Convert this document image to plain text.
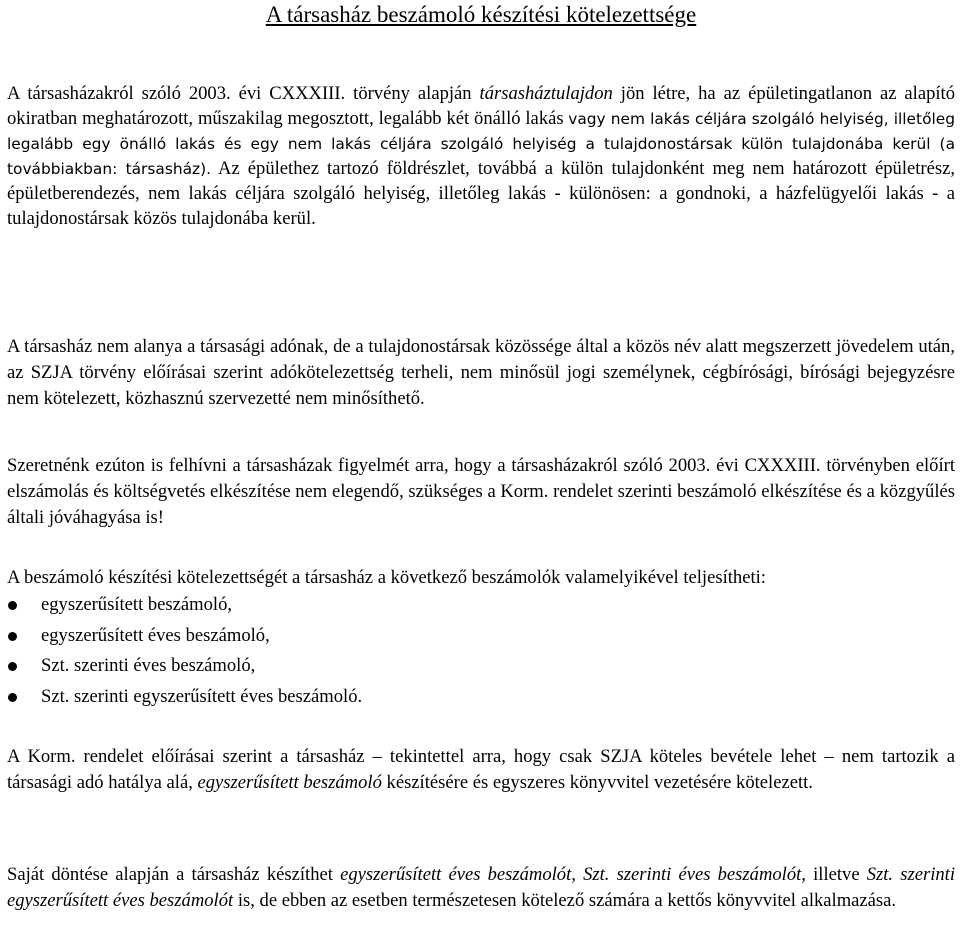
A társasház beszámoló készítési kötelezettsége

A társasházakról szóló 2003. évi CXXXIII. törvény alapján társasháztulajdon jön létre, ha az épületingatlanon az alapító okiratban meghatározott, műszakilag megosztott, legalább két önálló lakás vagy nem lakás céljára szolgáló helyiség, illetőleg legalább egy önálló lakás és egy nem lakás céljára szolgáló helyiség a tulajdonostársak külön tulajdonába kerül (a továbbiakban: társasház). Az épülethez tartozó földrészlet, továbbá a külön tulajdonként meg nem határozott épületrész, épületberendezés, nem lakás céljára szolgáló helyiség, illetőleg lakás - különösen: a gondnoki, a házfelügyelői lakás - a tulajdonostársak közös tulajdonába kerül.

A társasház nem alanya a társasági adónak, de a tulajdonostársak közössége által a közös név alatt megszerzett jövedelem után, az SZJA törvény előírásai szerint adókötelezettség terheli, nem minősül jogi személynek, cégbírósági, bírósági bejegyzésre nem kötelezett, közhasznú szervezetté nem minősíthető.

Szeretnénk ezúton is felhívni a társasházak figyelmét arra, hogy a társasházakról szóló 2003. évi CXXXIII. törvényben előírt elszámolás és költségvetés elkészítése nem elegendő, szükséges a Korm. rendelet szerinti beszámoló elkészítése és a közgyűlés általi jóváhagyása is!

A beszámoló készítési kötelezettségét a társasház a következő beszámolók valamelyikével teljesítheti:

egyszerűsített beszámoló,
egyszerűsített éves beszámoló,
Szt. szerinti éves beszámoló,
Szt. szerinti egyszerűsített éves beszámoló.

A Korm. rendelet előírásai szerint a társasház – tekintettel arra, hogy csak SZJA köteles bevétele lehet – nem tartozik a társasági adó hatálya alá, egyszerűsített beszámoló készítésére és egyszeres könyvvitel vezetésére kötelezett.

Saját döntése alapján a társasház készíthet egyszerűsített éves beszámolót, Szt. szerinti éves beszámolót, illetve Szt. szerinti egyszerűsített éves beszámolót is, de ebben az esetben természetesen kötelező számára a kettős könyvvitel alkalmazása.
